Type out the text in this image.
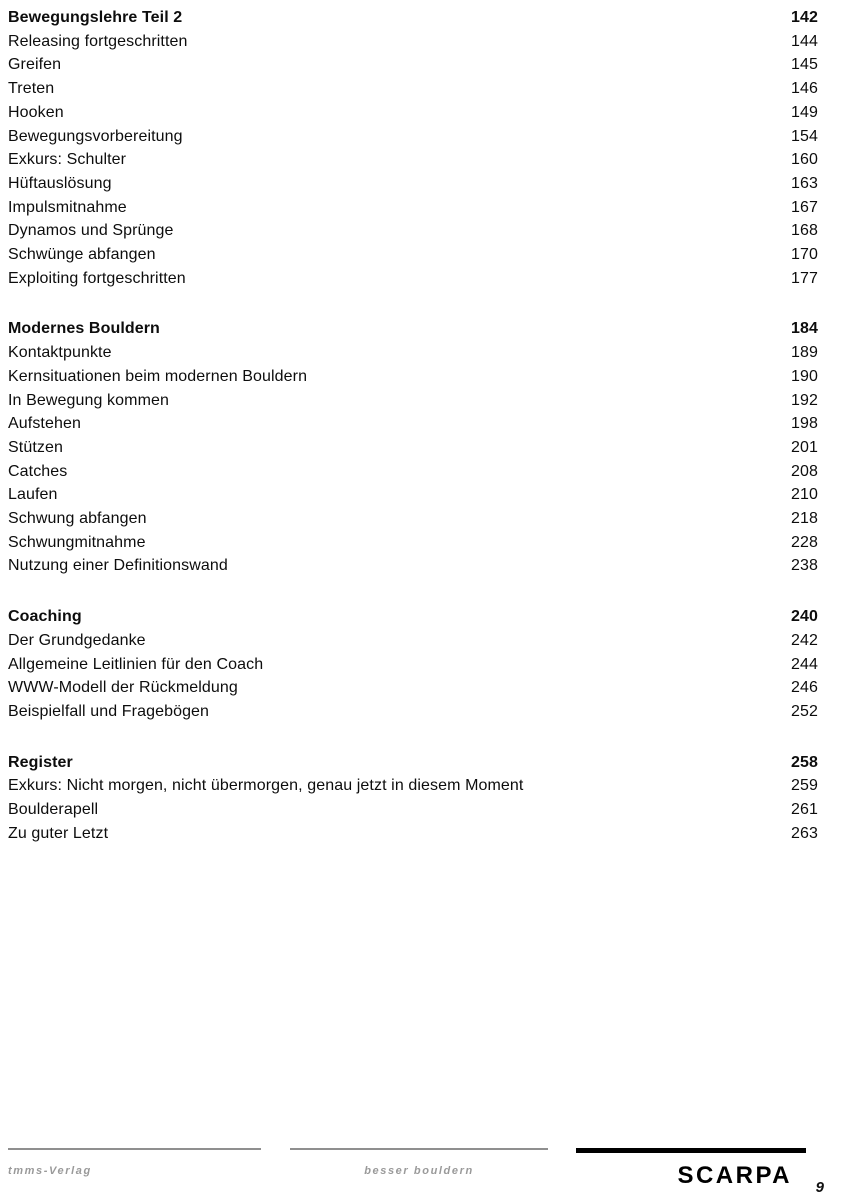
Bewegungslehre Teil 2	142
Releasing fortgeschritten	144
Greifen	145
Treten	146
Hooken	149
Bewegungsvorbereitung	154
Exkurs: Schulter	160
Hüftauslösung	163
Impulsmitnahme	167
Dynamos und Sprünge	168
Schwünge abfangen	170
Exploiting fortgeschritten	177
Modernes Bouldern	184
Kontaktpunkte	189
Kernsituationen beim modernen Bouldern	190
In Bewegung kommen	192
Aufstehen	198
Stützen	201
Catches	208
Laufen	210
Schwung abfangen	218
Schwungmitnahme	228
Nutzung einer Definitionswand	238
Coaching	240
Der Grundgedanke	242
Allgemeine Leitlinien für den Coach	244
WWW-Modell der Rückmeldung	246
Beispielfall und Fragebögen	252
Register	258
Exkurs: Nicht morgen, nicht übermorgen, genau jetzt in diesem Moment	259
Boulderapell	261
Zu guter Letzt	263
tmms-Verlag	besser bouldern	SCARPA	9
